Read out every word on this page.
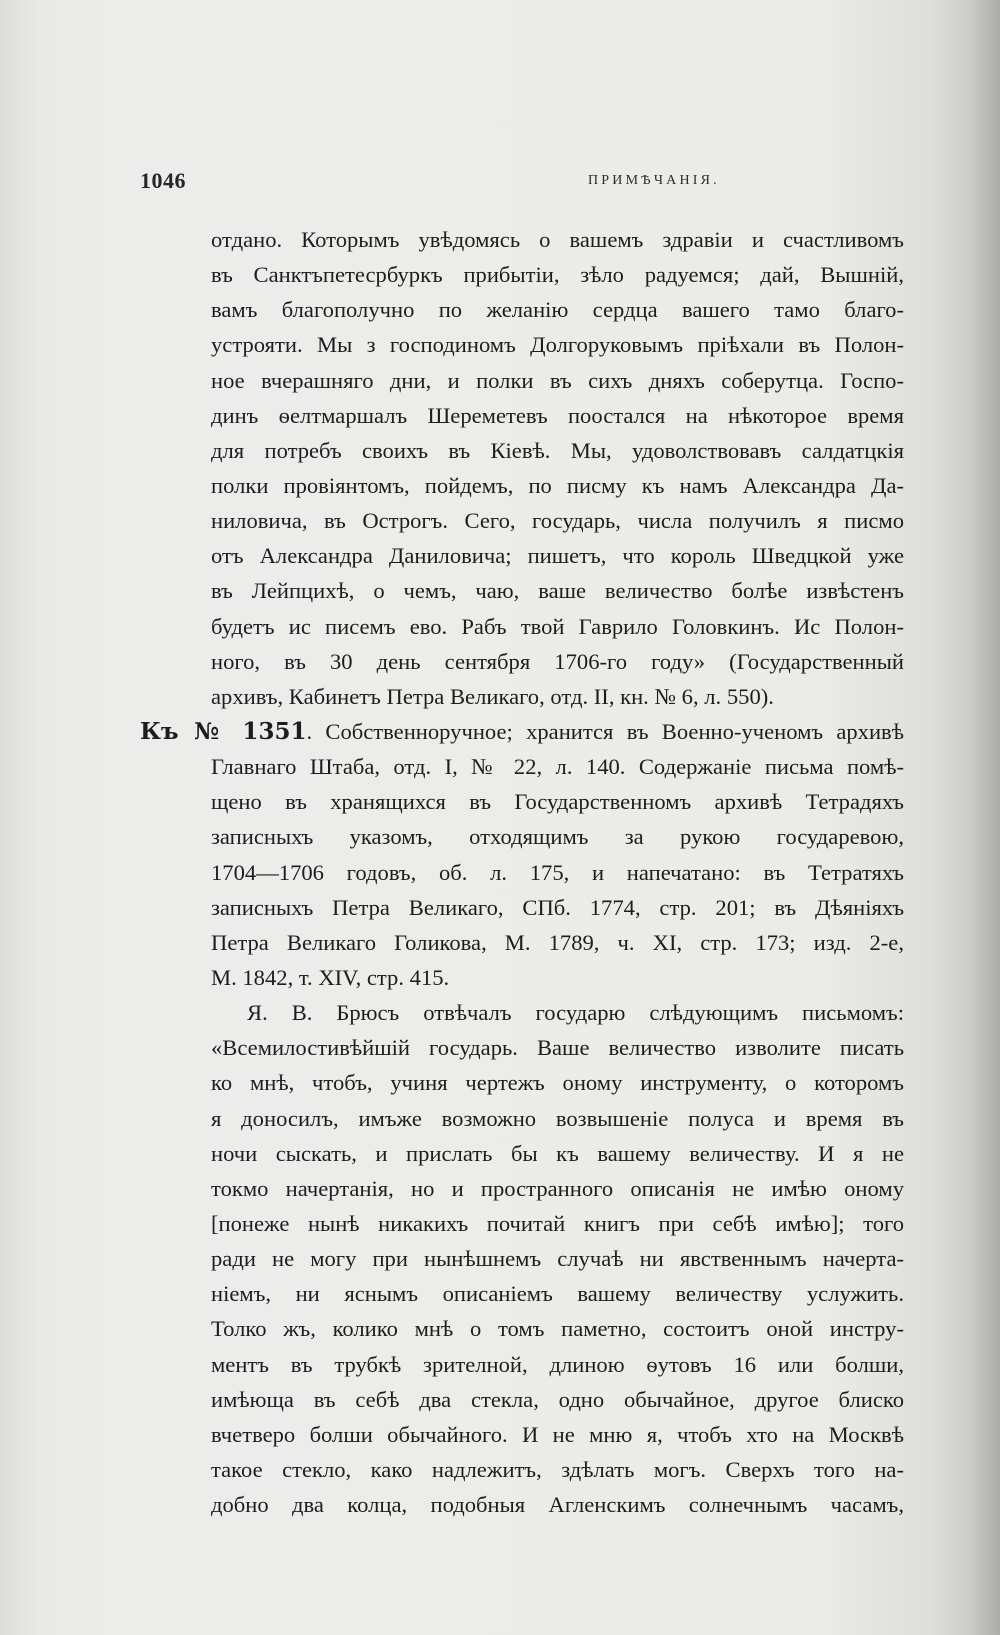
1046	ПРИМѢЧАНІЯ.
отдано. Которымъ увѣдомясь о вашемъ здравіи и счастливомъ
въ Санктъпетесрбуркъ прибытіи, зѣло радуемся; дай, Вышній,
вамъ благополучно по желанію сердца вашего тамо благо-
устрояти. Мы з господиномъ Долгоруковымъ пріѣхали въ Полон-
ное вчерашняго дни, и полки въ сихъ дняхъ соберутца. Госпо-
динъ ѳелтмаршалъ Шереметевъ поостался на нѣкоторое время
для потребъ своихъ въ Кіевѣ. Мы, удоволствовавъ салдатцкія
полки провіянтомъ, пойдемъ, по писму къ намъ Александра Да-
ниловича, въ Острогъ. Сего, государь, числа получилъ я писмо
отъ Александра Даниловича; пишетъ, что король Шведцкой уже
въ Лейпцихѣ, о чемъ, чаю, ваше величество болѣе извѣстенъ
будетъ ис писемъ ево. Рабъ твой Гаврило Головкинъ. Ис Полон-
ного, въ 30 день сентября 1706-го году» (Государственный
архивъ, Кабинетъ Петра Великаго, отд. II, кн. № 6, л. 550).
Къ № 1351. Собственноручное; хранится въ Военно-ученомъ архивѣ
Главнаго Штаба, отд. I, № 22, л. 140. Содержаніе письма помѣ-
щено въ хранящихся въ Государственномъ архивѣ Тетрадяхъ
записныхъ указомъ, отходящимъ за рукою государевою,
1704—1706 годовъ, об. л. 175, и напечатано: въ Тетратяхъ
записныхъ Петра Великаго, СПб. 1774, стр. 201; въ Дѣяніяхъ
Петра Великаго Голикова, М. 1789, ч. XI, стр. 173; изд. 2-е,
М. 1842, т. XIV, стр. 415.
Я. В. Брюсъ отвѣчалъ государю слѣдующимъ письмомъ:
«Всемилостивѣйшій государь. Ваше величество изволите писать
ко мнѣ, чтобъ, учиня чертежъ оному инструменту, о которомъ
я доносилъ, имъже возможно возвышеніе полуса и время въ
ночи сыскать, и прислать бы къ вашему величеству. И я не
токмо начертанія, но и пространного описанія не имѣю оному
[понеже нынѣ никакихъ почитай книгъ при себѣ имѣю]; того
ради не могу при нынѣшнемъ случаѣ ни явственнымъ начерта-
ніемъ, ни яснымъ описаніемъ вашему величеству услужить.
Толко жъ, колико мнѣ о томъ паметно, состоитъ оной инстру-
ментъ въ трубкѣ зрителной, длиною ѳутовъ 16 или болши,
имѣюща въ себѣ два стекла, одно обычайное, другое блиско
вчетверо болши обычайного. И не мню я, чтобъ хто на Москвѣ
такое стекло, како надлежитъ, здѣлать могъ. Сверхъ того на-
добно два колца, подобныя Агленскимъ солнечнымъ часамъ,
